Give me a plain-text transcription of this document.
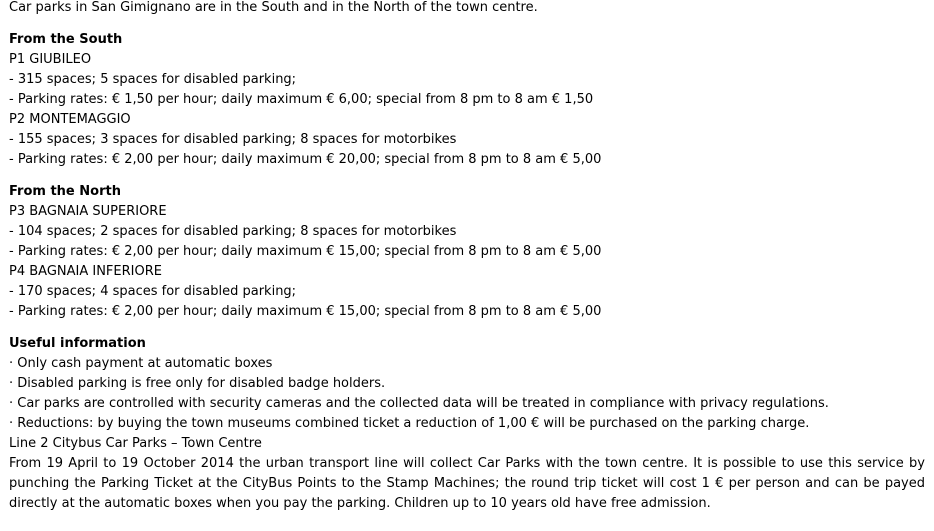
Car parks in San Gimignano are in the South and in the North of the town centre.
From the South
P1 GIUBILEO
- 315 spaces; 5 spaces for disabled parking;
- Parking rates: € 1,50 per hour; daily maximum € 6,00; special from 8 pm to 8 am € 1,50
P2 MONTEMAGGIO
- 155 spaces; 3 spaces for disabled parking; 8 spaces for motorbikes
- Parking rates: € 2,00 per hour; daily maximum € 20,00; special from 8 pm to 8 am € 5,00
From the North
P3 BAGNAIA SUPERIORE
- 104 spaces; 2 spaces for disabled parking; 8 spaces for motorbikes
- Parking rates: € 2,00 per hour; daily maximum € 15,00; special from 8 pm to 8 am € 5,00
P4 BAGNAIA INFERIORE
- 170 spaces; 4 spaces for disabled parking;
- Parking rates: € 2,00 per hour; daily maximum € 15,00; special from 8 pm to 8 am € 5,00
Useful information
· Only cash payment at automatic boxes
· Disabled parking is free only for disabled badge holders.
· Car parks are controlled with security cameras and the collected data will be treated in compliance with privacy regulations.
· Reductions: by buying the town museums combined ticket a reduction of 1,00 € will be purchased on the parking charge.
Line 2 Citybus Car Parks – Town Centre
From 19 April to 19 October 2014 the urban transport line will collect Car Parks with the town centre. It is possible to use this service by punching the Parking Ticket at the CityBus Points to the Stamp Machines; the round trip ticket will cost 1 € per person and can be payed directly at the automatic boxes when you pay the parking. Children up to 10 years old have free admission.
